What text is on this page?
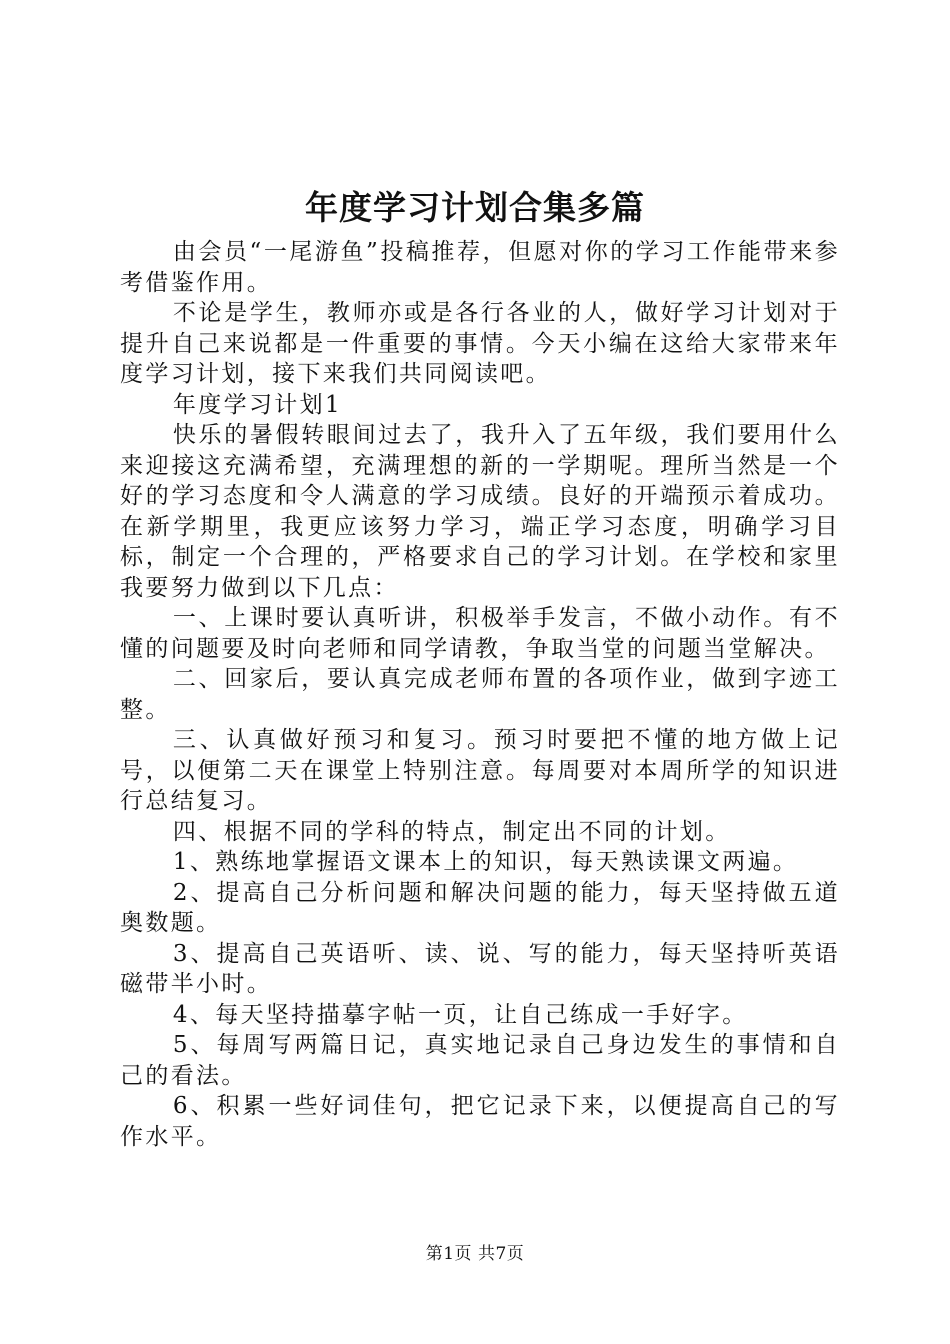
年度学习计划合集多篇

由会员“一尾游鱼”投稿推荐，但愿对你的学习工作能带来参考借鉴作用。

不论是学生，教师亦或是各行各业的人，做好学习计划对于提升自己来说都是一件重要的事情。今天小编在这给大家带来年度学习计划，接下来我们共同阅读吧。

年度学习计划1

快乐的暑假转眼间过去了，我升入了五年级，我们要用什么来迎接这充满希望，充满理想的新的一学期呢。理所当然是一个好的学习态度和令人满意的学习成绩。良好的开端预示着成功。在新学期里，我更应该努力学习，端正学习态度，明确学习目标，制定一个合理的，严格要求自己的学习计划。在学校和家里我要努力做到以下几点：

一、上课时要认真听讲，积极举手发言，不做小动作。有不懂的问题要及时向老师和同学请教，争取当堂的问题当堂解决。

二、回家后，要认真完成老师布置的各项作业，做到字迹工整。

三、认真做好预习和复习。预习时要把不懂的地方做上记号，以便第二天在课堂上特别注意。每周要对本周所学的知识进行总结复习。

四、根据不同的学科的特点，制定出不同的计划。

1、熟练地掌握语文课本上的知识，每天熟读课文两遍。

2、提高自己分析问题和解决问题的能力，每天坚持做五道奥数题。

3、提高自己英语听、读、说、写的能力，每天坚持听英语磁带半小时。

4、每天坚持描摹字帖一页，让自己练成一手好字。

5、每周写两篇日记，真实地记录自己身边发生的事情和自己的看法。

6、积累一些好词佳句，把它记录下来，以便提高自己的写作水平。

第1页 共7页
